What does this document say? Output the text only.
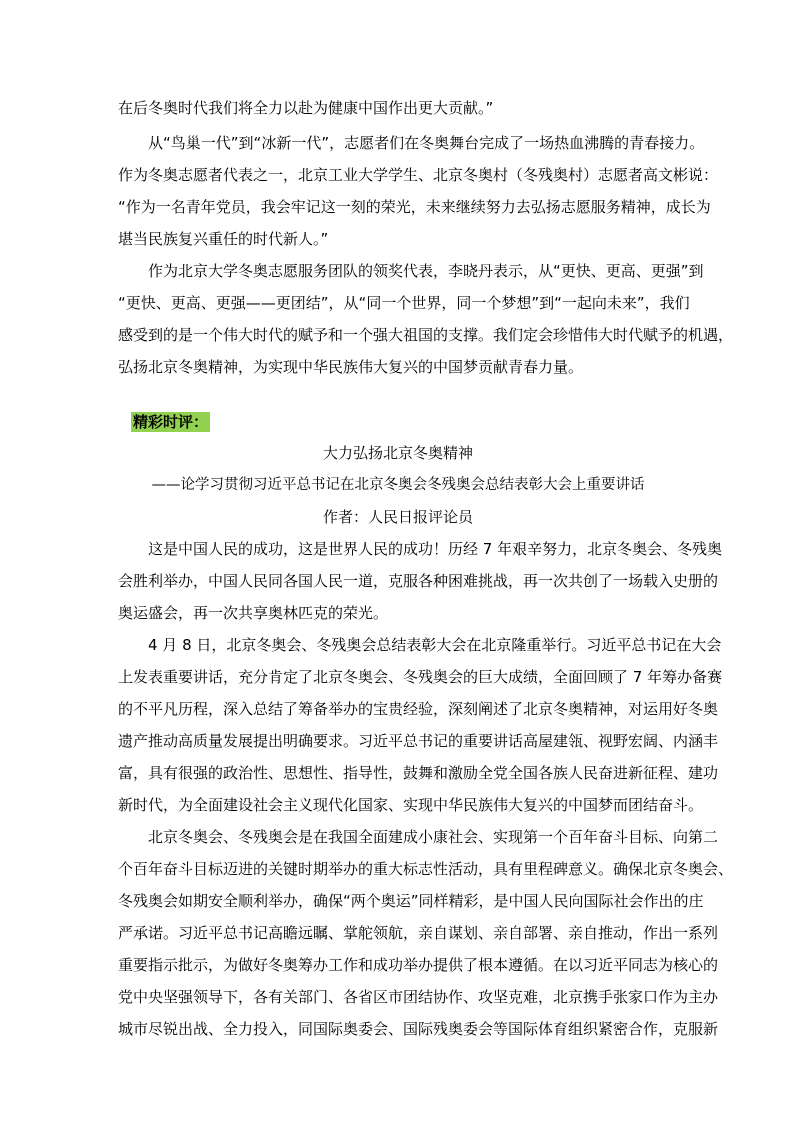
在后冬奥时代我们将全力以赴为健康中国作出更大贡献。”
从“鸟巢一代”到“冰新一代”，志愿者们在冬奥舞台完成了一场热血沸腾的青春接力。
作为冬奥志愿者代表之一，北京工业大学学生、北京冬奥村（冬残奥村）志愿者高文彬说：
“作为一名青年党员，我会牢记这一刻的荣光，未来继续努力去弘扬志愿服务精神，成长为
堪当民族复兴重任的时代新人。”
作为北京大学冬奥志愿服务团队的领奖代表，李晓丹表示，从“更快、更高、更强”到
“更快、更高、更强——更团结”，从“同一个世界，同一个梦想”到“一起向未来”，我们
感受到的是一个伟大时代的赋予和一个强大祖国的支撑。我们定会珍惜伟大时代赋予的机遇，
弘扬北京冬奥精神，为实现中华民族伟大复兴的中国梦贡献青春力量。
精彩时评：
大力弘扬北京冬奥精神
——论学习贯彻习近平总书记在北京冬奥会冬残奥会总结表彰大会上重要讲话
作者：人民日报评论员
这是中国人民的成功，这是世界人民的成功！历经 7 年艰辛努力，北京冬奥会、冬残奥
会胜利举办，中国人民同各国人民一道，克服各种困难挑战，再一次共创了一场载入史册的
奥运盛会，再一次共享奥林匹克的荣光。
4 月 8 日，北京冬奥会、冬残奥会总结表彰大会在北京隆重举行。习近平总书记在大会
上发表重要讲话，充分肯定了北京冬奥会、冬残奥会的巨大成绩，全面回顾了 7 年筹办备赛
的不平凡历程，深入总结了筹备举办的宝贵经验，深刻阐述了北京冬奥精神，对运用好冬奥
遗产推动高质量发展提出明确要求。习近平总书记的重要讲话高屋建瓴、视野宏阔、内涵丰
富，具有很强的政治性、思想性、指导性，鼓舞和激励全党全国各族人民奋进新征程、建功
新时代，为全面建设社会主义现代化国家、实现中华民族伟大复兴的中国梦而团结奋斗。
北京冬奥会、冬残奥会是在我国全面建成小康社会、实现第一个百年奋斗目标、向第二
个百年奋斗目标迈进的关键时期举办的重大标志性活动，具有里程碑意义。确保北京冬奥会、
冬残奥会如期安全顺利举办，确保“两个奥运”同样精彩，是中国人民向国际社会作出的庄
严承诺。习近平总书记高瞻远瞩、掌舵领航，亲自谋划、亲自部署、亲自推动，作出一系列
重要指示批示，为做好冬奥筹办工作和成功举办提供了根本遵循。在以习近平同志为核心的
党中央坚强领导下，各有关部门、各省区市团结协作、攻坚克难，北京携手张家口作为主办
城市尽锐出战、全力投入，同国际奥委会、国际残奥委会等国际体育组织紧密合作，克服新
